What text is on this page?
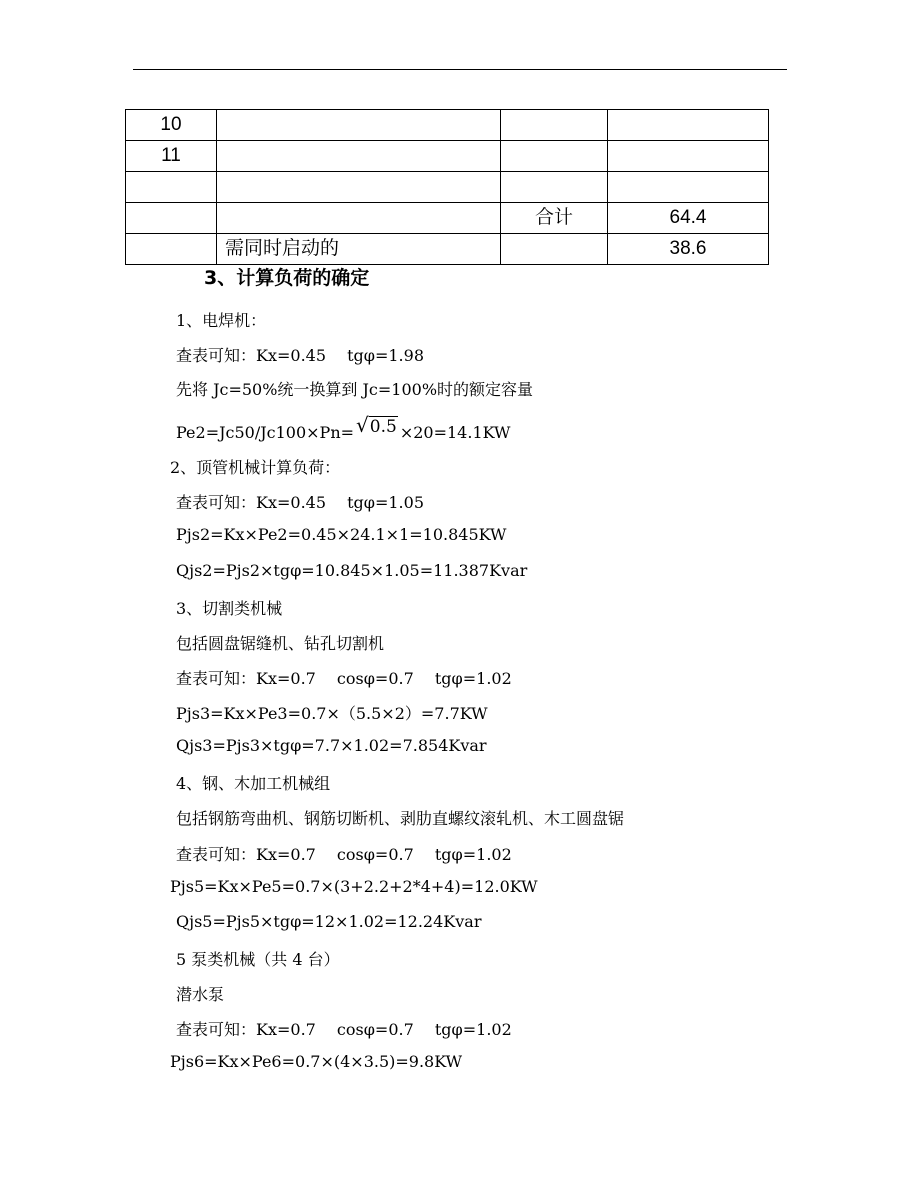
10			
11			

		合计	64.4
	需同时启动的		38.6
3、计算负荷的确定
1、电焊机：
查表可知：Kx=0.45　 tgφ=1.98
先将 Jc=50%统一换算到 Jc=100%时的额定容量
Pe2=Jc50/Jc100×Pn= √0.5 ×20=14.1KW
2、顶管机械计算负荷：
查表可知：Kx=0.45　 tgφ=1.05
Pjs2=Kx×Pe2=0.45×24.1×1=10.845KW
Qjs2=Pjs2×tgφ=10.845×1.05=11.387Kvar
3、切割类机械
包括圆盘锯缝机、钻孔切割机
查表可知：Kx=0.7　 cosφ=0.7　 tgφ=1.02
Pjs3=Kx×Pe3=0.7×（5.5×2）=7.7KW
Qjs3=Pjs3×tgφ=7.7×1.02=7.854Kvar
4、钢、木加工机械组
包括钢筋弯曲机、钢筋切断机、剥肋直螺纹滚轧机、木工圆盘锯
查表可知：Kx=0.7　 cosφ=0.7　 tgφ=1.02
Pjs5=Kx×Pe5=0.7×(3+2.2+2*4+4)=12.0KW
Qjs5=Pjs5×tgφ=12×1.02=12.24Kvar
5 泵类机械（共 4 台）
潜水泵
查表可知：Kx=0.7　 cosφ=0.7　 tgφ=1.02
Pjs6=Kx×Pe6=0.7×(4×3.5)=9.8KW
